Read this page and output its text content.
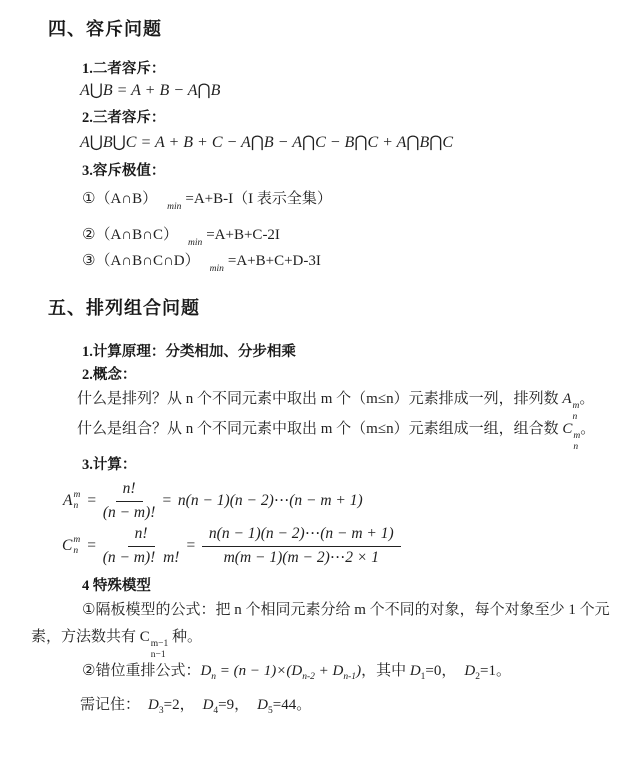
四、容斥问题
1.二者容斥：
A⋃B = A + B − A⋂B
2.三者容斥：
A⋃B⋃C = A + B + C − A⋂B − A⋂C − B⋂C + A⋂B⋂C
3.容斥极值：
①（A∩B） $_{min}$ =A+B-I（I 表示全集）
②（A∩B∩C） $_{min}$ =A+B+C-2I
③（A∩B∩C∩D） $_{min}$ =A+B+C+D-3I
五、排列组合问题
1.计算原理：分类相加、分步相乘
2.概念：
什么是排列？从 n 个不同元素中取出 m 个（m≤n）元素排成一列，排列数 A m
n
。
什么是组合？从 n 个不同元素中取出 m 个（m≤n）元素组成一组，组合数 C m
n
。
3.计算：
A m
$n = \frac{n!}{(n - m)!} = n(n - 1)(n$ − 2)⋯(n − m + 1)
C m
$n = \frac{n!}{(n - m)! m!} = \frac{n(n - 1)(n - 2)\cdots(n - m + 1)}{m(m - 1)(m - 2)\cdots 2 \times 1}$
4 特殊模型
①隔板模型的公式：把 n 个相同元素分给 m 个不同的对象，每个对象至少 1 个元
素，方法数共有 C m−1
n−1
种。
②错位重排公式：$D_n = (n - 1)\times(D_{n-2} + D_{n-1})$，其中 $D_1=0$， $D_2=1$。
需记住： $D_3=2$， $D_4=9$， $D_5=44$。
